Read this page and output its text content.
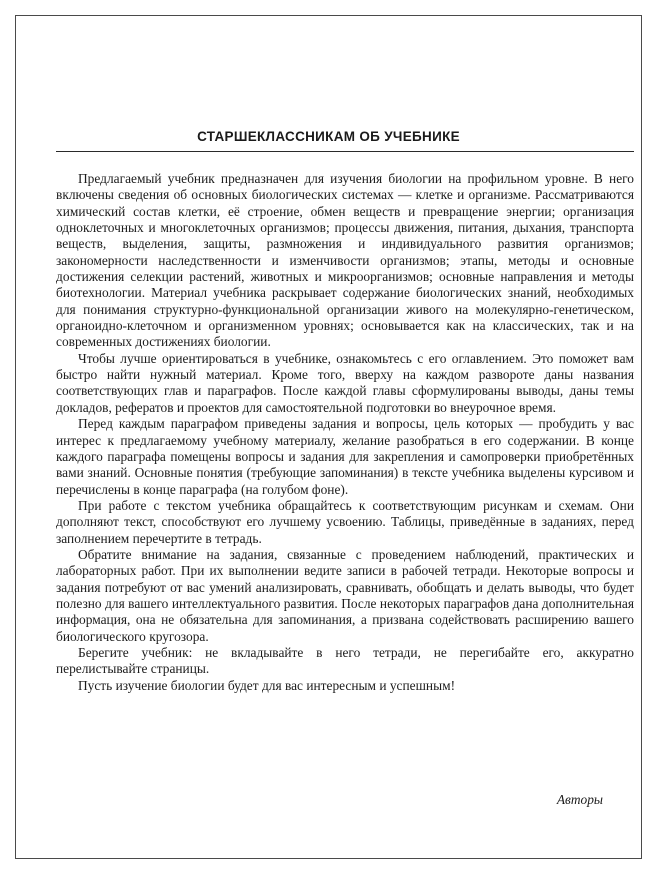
СТАРШЕКЛАССНИКАМ ОБ УЧЕБНИКЕ

Предлагаемый учебник предназначен для изучения биологии на профильном уровне. В него включены сведения об основных биологических системах — клетке и организме. Рассматриваются химический состав клетки, её строение, обмен веществ и превращение энергии; организация одноклеточных и многоклеточных организмов; процессы движения, питания, дыхания, транспорта веществ, выделения, защиты, размножения и индивидуального развития организмов; закономерности наследственности и изменчивости организмов; этапы, методы и основные достижения селекции растений, животных и микроорганизмов; основные направления и методы биотехнологии. Материал учебника раскрывает содержание биологических знаний, необходимых для понимания структурно-функциональной организации живого на молекулярно-генетическом, органоидно-клеточном и организменном уровнях; основывается как на классических, так и на современных достижениях биологии.

Чтобы лучше ориентироваться в учебнике, ознакомьтесь с его оглавлением. Это поможет вам быстро найти нужный материал. Кроме того, вверху на каждом развороте даны названия соответствующих глав и параграфов. После каждой главы сформулированы выводы, даны темы докладов, рефератов и проектов для самостоятельной подготовки во внеурочное время.

Перед каждым параграфом приведены задания и вопросы, цель которых — пробудить у вас интерес к предлагаемому учебному материалу, желание разобраться в его содержании. В конце каждого параграфа помещены вопросы и задания для закрепления и самопроверки приобретённых вами знаний. Основные понятия (требующие запоминания) в тексте учебника выделены курсивом и перечислены в конце параграфа (на голубом фоне).

При работе с текстом учебника обращайтесь к соответствующим рисункам и схемам. Они дополняют текст, способствуют его лучшему усвоению. Таблицы, приведённые в заданиях, перед заполнением перечертите в тетрадь.

Обратите внимание на задания, связанные с проведением наблюдений, практических и лабораторных работ. При их выполнении ведите записи в рабочей тетради. Некоторые вопросы и задания потребуют от вас умений анализировать, сравнивать, обобщать и делать выводы, что будет полезно для вашего интеллектуального развития. После некоторых параграфов дана дополнительная информация, она не обязательна для запоминания, а призвана содействовать расширению вашего биологического кругозора.

Берегите учебник: не вкладывайте в него тетради, не перегибайте его, аккуратно перелистывайте страницы.

Пусть изучение биологии будет для вас интересным и успешным!

Авторы
